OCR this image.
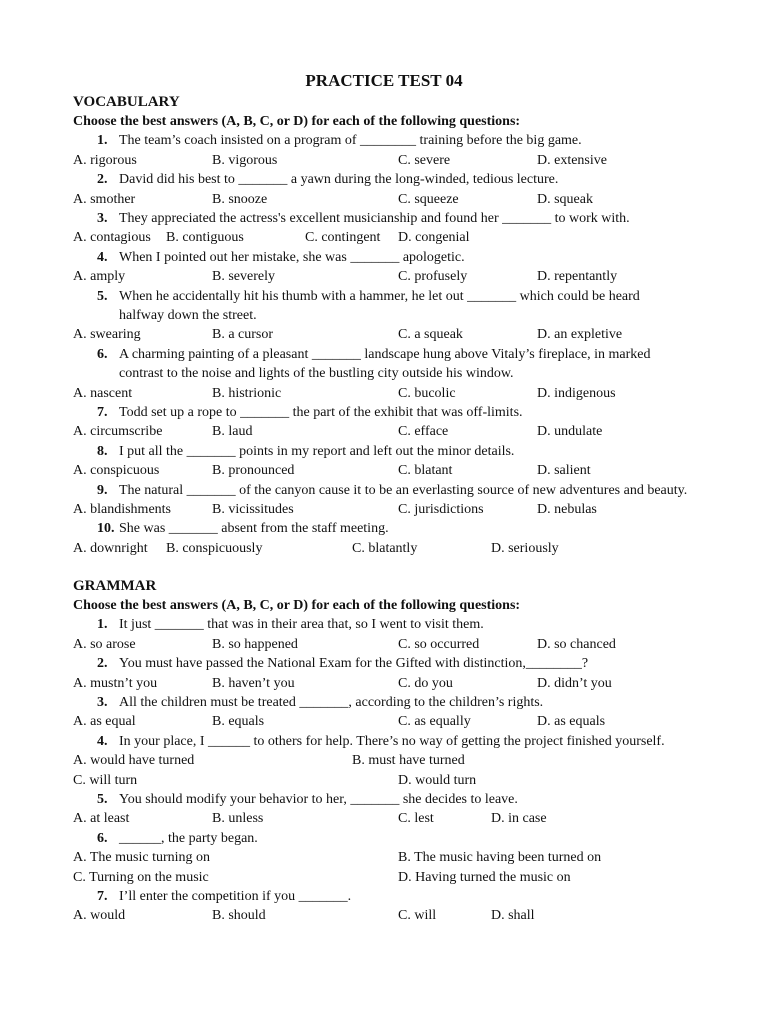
PRACTICE TEST 04
VOCABULARY
Choose the best answers (A, B, C, or D) for each of the following questions:
1. The team’s coach insisted on a program of ________ training before the big game.
A. rigorous	B. vigorous	C. severe	D. extensive
2. David did his best to _______ a yawn during the long-winded, tedious lecture.
A. smother	B. snooze	C. squeeze	D. squeak
3. They appreciated the actress's excellent musicianship and found her _______ to work with.
A. contagious B. contiguous	C. contingent D. congenial
4. When I pointed out her mistake, she was _______ apologetic.
A. amply	B. severely	C. profusely	D. repentantly
5. When he accidentally hit his thumb with a hammer, he let out _______ which could be heard halfway down the street.
A. swearing	B. a cursor	C. a squeak	D. an expletive
6. A charming painting of a pleasant _______ landscape hung above Vitaly’s fireplace, in marked contrast to the noise and lights of the bustling city outside his window.
A. nascent	B. histrionic	C. bucolic	D. indigenous
7. Todd set up a rope to _______ the part of the exhibit that was off-limits.
A. circumscribe	B. laud	C. efface	D. undulate
8. I put all the _______ points in my report and left out the minor details.
A. conspicuous	B. pronounced	C. blatant	D. salient
9. The natural _______ of the canyon cause it to be an everlasting source of new adventures and beauty.
A. blandishments	B. vicissitudes	C. jurisdictions	D. nebulas
10. She was _______ absent from the staff meeting.
A. downright B. conspicuously	C. blatantly	D. seriously
GRAMMAR
Choose the best answers (A, B, C, or D) for each of the following questions:
1. It just _______ that was in their area that, so I went to visit them.
A. so arose	B. so happened	C. so occurred	D. so chanced
2. You must have passed the National Exam for the Gifted with distinction,________?
A. mustn’t you	B. haven’t you	C. do you	D. didn’t you
3. All the children must be treated _______, according to the children’s rights.
A. as equal	B. equals	C. as equally	D. as equals
4. In your place, I ______ to others for help. There’s no way of getting the project finished yourself.
A. would have turned	B. must have turned
C. will turn	D. would turn
5. You should modify your behavior to her, _______ she decides to leave.
A. at least	B. unless	C. lest	D. in case
6. ______, the party began.
A. The music turning on	B. The music having been turned on
C. Turning on the music	D. Having turned the music on
7. I’ll enter the competition if you _______.
A. would	B. should	C. will	D. shall
